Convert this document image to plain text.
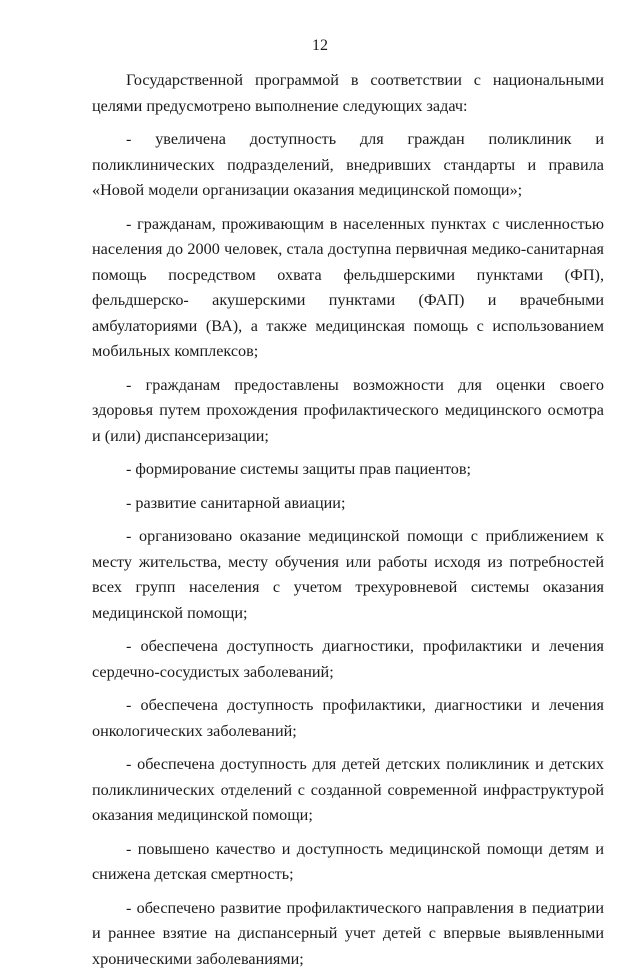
12

Государственной программой в соответствии с национальными целями предусмотрено выполнение следующих задач:

- увеличена доступность для граждан поликлиник и поликлинических подразделений, внедривших стандарты и правила «Новой модели организации оказания медицинской помощи»;

- гражданам, проживающим в населенных пунктах с численностью населения до 2000 человек, стала доступна первичная медико-санитарная помощь посредством охвата фельдшерскими пунктами (ФП), фельдшерско- акушерскими пунктами (ФАП) и врачебными амбулаториями (ВА), а также медицинская помощь с использованием мобильных комплексов;

- гражданам предоставлены возможности для оценки своего здоровья путем прохождения профилактического медицинского осмотра и (или) диспансеризации;

- формирование системы защиты прав пациентов;

- развитие санитарной авиации;

- организовано оказание медицинской помощи с приближением к месту жительства, месту обучения или работы исходя из потребностей всех групп населения с учетом трехуровневой системы оказания медицинской помощи;

- обеспечена доступность диагностики, профилактики и лечения сердечно-сосудистых заболеваний;

- обеспечена доступность профилактики, диагностики и лечения онкологических заболеваний;

- обеспечена доступность для детей детских поликлиник и детских поликлинических отделений с созданной современной инфраструктурой оказания медицинской помощи;

- повышено качество и доступность медицинской помощи детям и снижена детская смертность;

- обеспечено развитие профилактического направления в педиатрии и раннее взятие на диспансерный учет детей с впервые выявленными хроническими заболеваниями;
